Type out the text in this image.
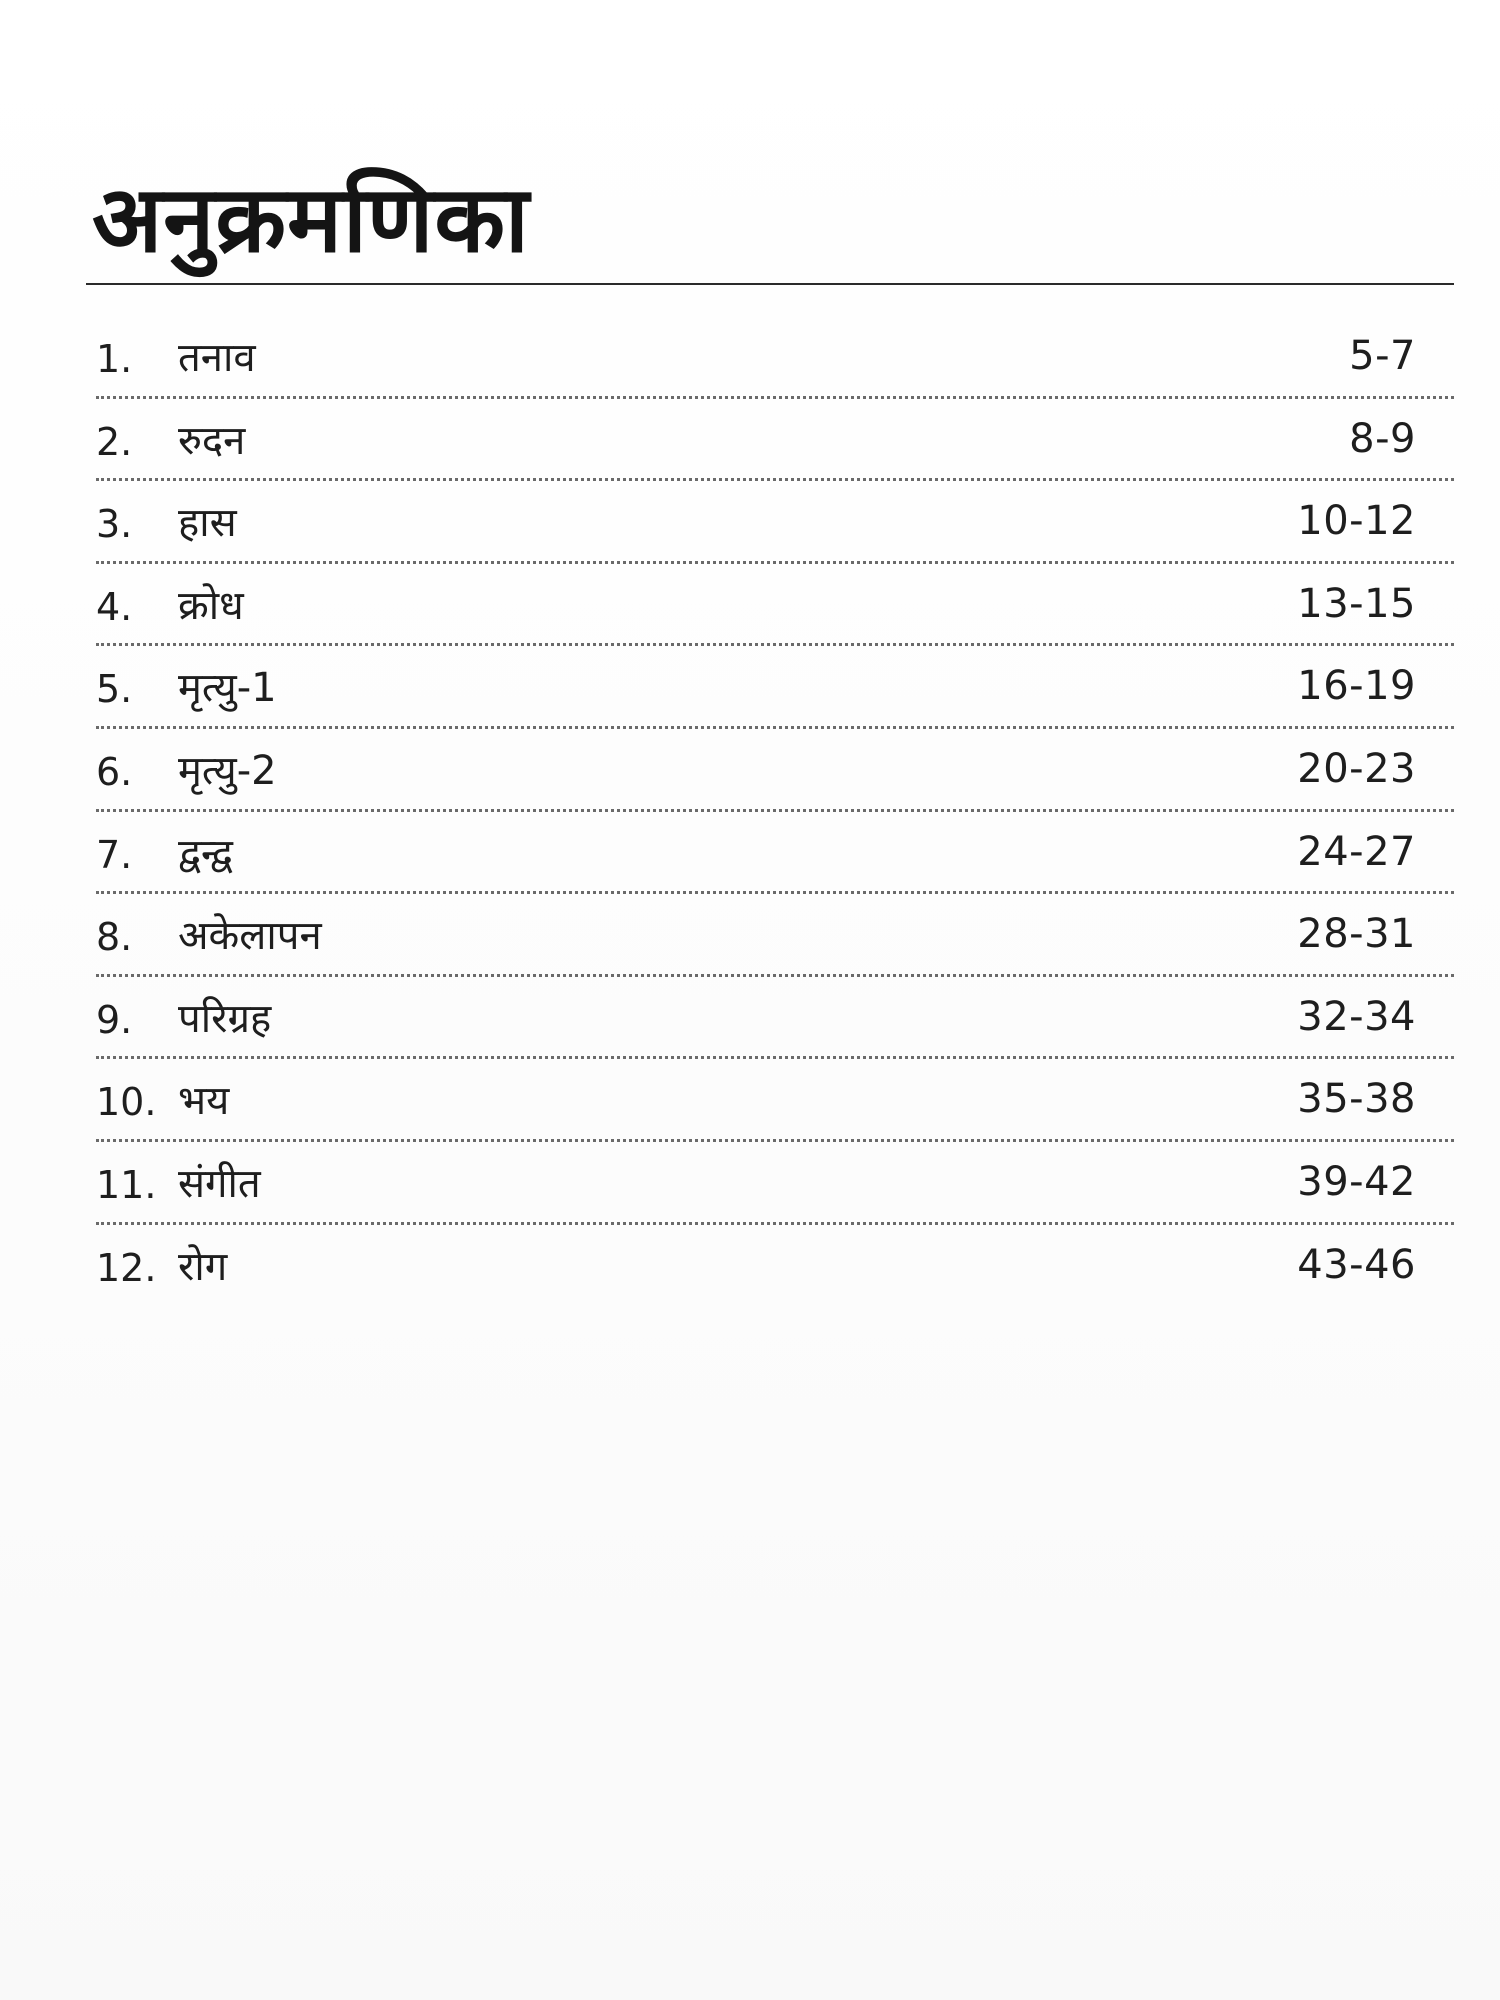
अनुक्रमणिका
1. तनाव	5-7
2. रुदन	8-9
3. हास	10-12
4. क्रोध	13-15
5. मृत्यु-1	16-19
6. मृत्यु-2	20-23
7. द्वन्द्व	24-27
8. अकेलापन	28-31
9. परिग्रह	32-34
10. भय	35-38
11. संगीत	39-42
12. रोग	43-46
